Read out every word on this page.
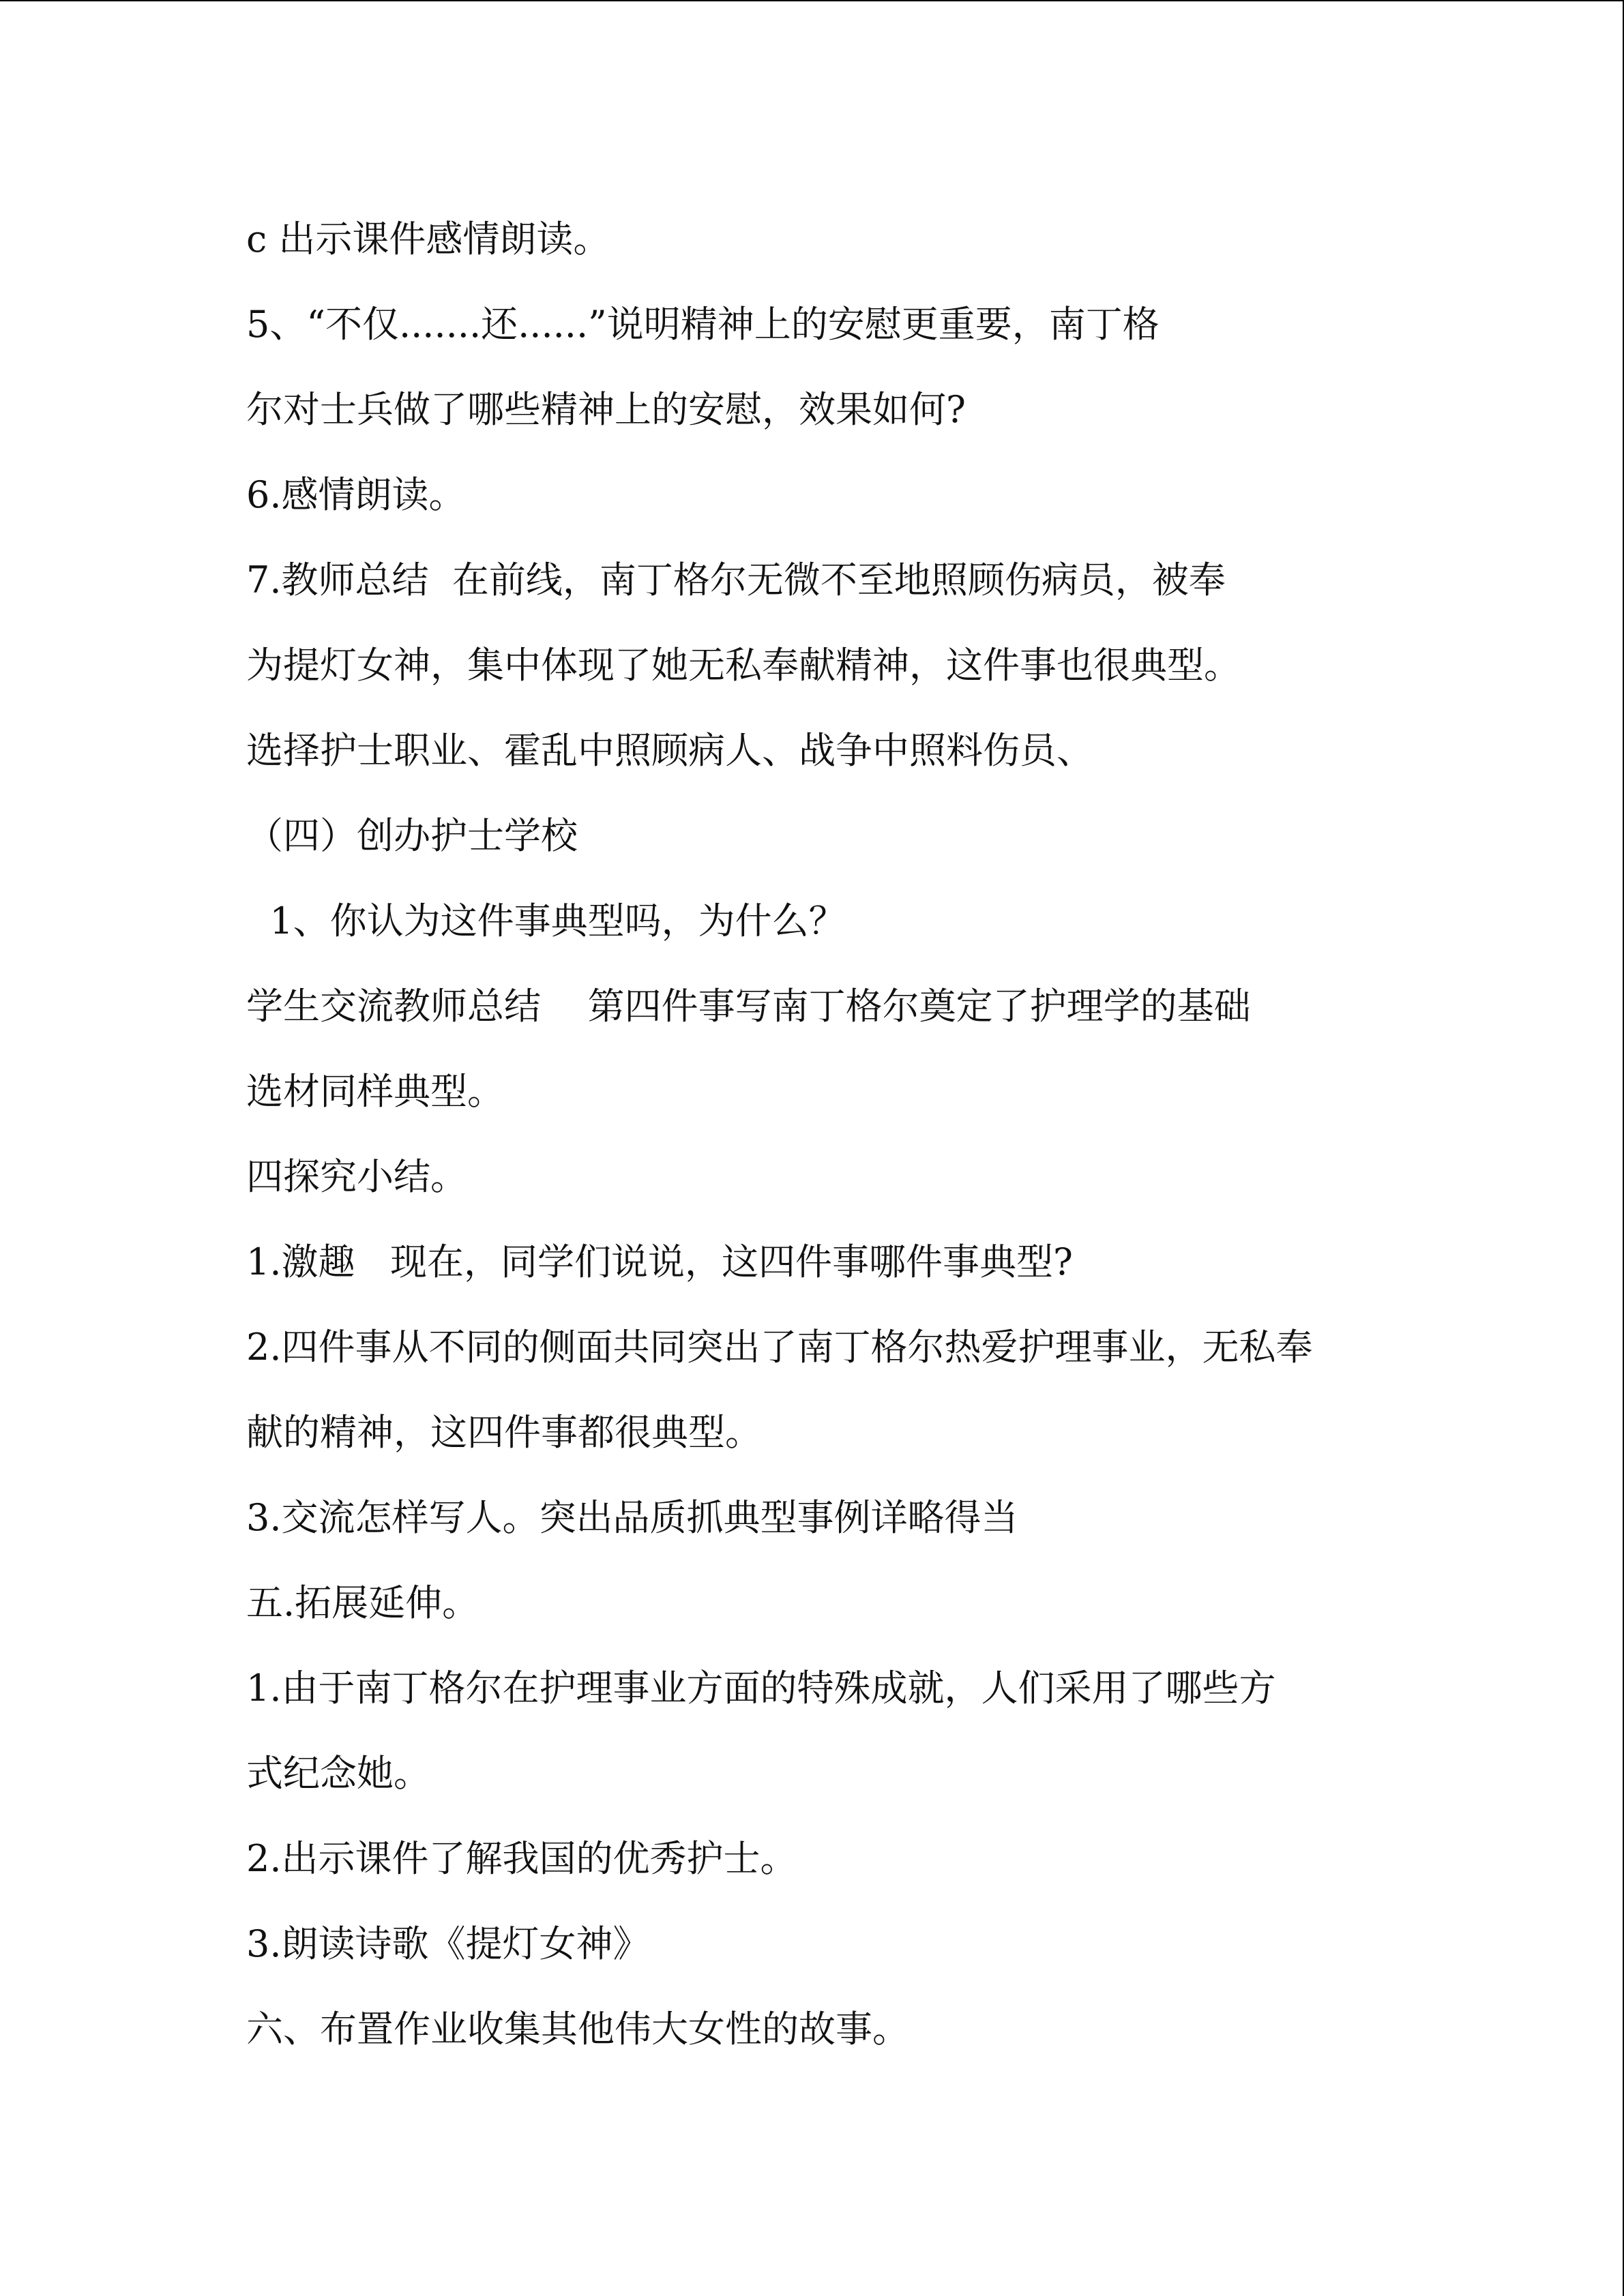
c 出示课件感情朗读。
5、“不仅.......还......”说明精神上的安慰更重要，南丁格
尔对士兵做了哪些精神上的安慰，效果如何?
6.感情朗读。
7.教师总结  在前线，南丁格尔无微不至地照顾伤病员，被奉
为提灯女神，集中体现了她无私奉献精神，这件事也很典型。
选择护士职业、霍乱中照顾病人、战争中照料伤员、
（四）创办护士学校
1、你认为这件事典型吗，为什么？
学生交流教师总结    第四件事写南丁格尔奠定了护理学的基础
选材同样典型。
四探究小结。
1.激趣   现在，同学们说说，这四件事哪件事典型?
2.四件事从不同的侧面共同突出了南丁格尔热爱护理事业，无私奉
献的精神，这四件事都很典型。
3.交流怎样写人。突出品质抓典型事例详略得当
五.拓展延伸。
1.由于南丁格尔在护理事业方面的特殊成就，人们采用了哪些方
式纪念她。
2.出示课件了解我国的优秀护士。
3.朗读诗歌《提灯女神》
六、布置作业收集其他伟大女性的故事。
